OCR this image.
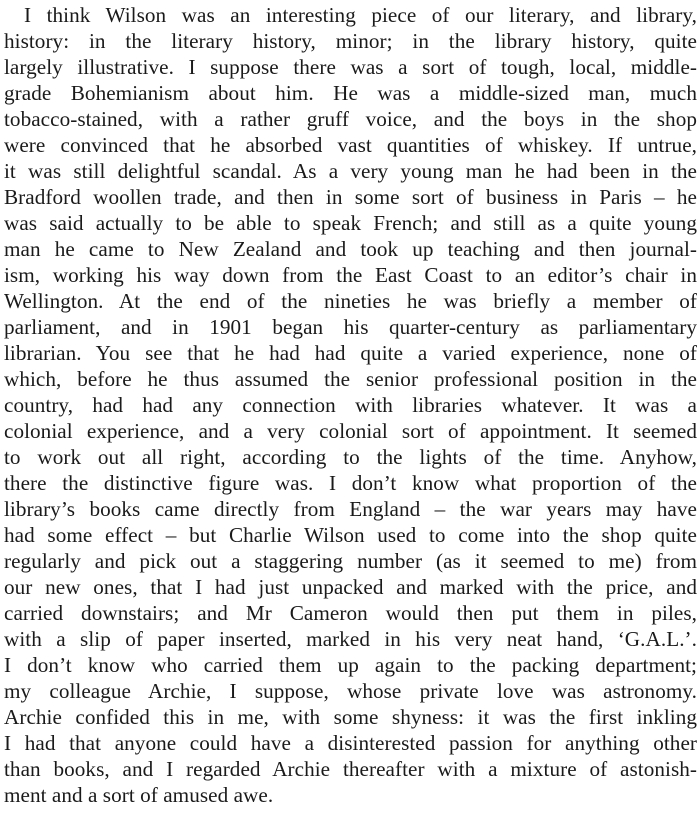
I think Wilson was an interesting piece of our literary, and library,
history: in the literary history, minor; in the library history, quite
largely illustrative. I suppose there was a sort of tough, local, middle-
grade Bohemianism about him. He was a middle-sized man, much
tobacco-stained, with a rather gruff voice, and the boys in the shop
were convinced that he absorbed vast quantities of whiskey. If untrue,
it was still delightful scandal. As a very young man he had been in the
Bradford woollen trade, and then in some sort of business in Paris – he
was said actually to be able to speak French; and still as a quite young
man he came to New Zealand and took up teaching and then journal-
ism, working his way down from the East Coast to an editor’s chair in
Wellington. At the end of the nineties he was briefly a member of
parliament, and in 1901 began his quarter-century as parliamentary
librarian. You see that he had had quite a varied experience, none of
which, before he thus assumed the senior professional position in the
country, had had any connection with libraries whatever. It was a
colonial experience, and a very colonial sort of appointment. It seemed
to work out all right, according to the lights of the time. Anyhow,
there the distinctive figure was. I don’t know what proportion of the
library’s books came directly from England – the war years may have
had some effect – but Charlie Wilson used to come into the shop quite
regularly and pick out a staggering number (as it seemed to me) from
our new ones, that I had just unpacked and marked with the price, and
carried downstairs; and Mr Cameron would then put them in piles,
with a slip of paper inserted, marked in his very neat hand, ‘G.A.L.’.
I don’t know who carried them up again to the packing department;
my colleague Archie, I suppose, whose private love was astronomy.
Archie confided this in me, with some shyness: it was the first inkling
I had that anyone could have a disinterested passion for anything other
than books, and I regarded Archie thereafter with a mixture of astonish-
ment and a sort of amused awe.
